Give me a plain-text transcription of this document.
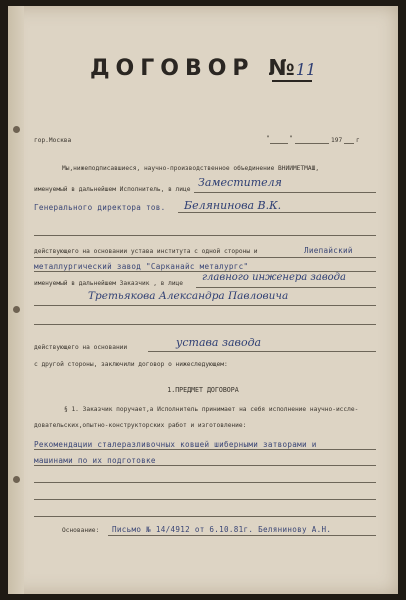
ДОГОВОР №11
гор.Москва	"	"	197 г
Мы,нижеподписавшиеся, научно-производственное объединение ВНИИМЕТМАШ,
именуемый в дальнейшем Исполнитель, в лице
Заместителя
Генерального директора тов. Белянинова В.К.
действующего на основании устава института с одной стороны и	Лиепайский
металлургический завод "Сарканайс металургс"
именуемый в дальнейшем Заказчик , в лице
главного инженера завода
Третьякова Александра Павловича
действующего на основании	устава завода
с другой стороны, заключили договор о нижеследующем:
1.ПРЕДМЕТ ДОГОВОРА
§ 1. Заказчик поручает,а Исполнитель принимает на себя исполнение научно-иссле-
довательских,опытно-конструкторских работ и изготовление:
Рекомендации сталеразливочных ковшей шиберными затворами и
машинами по их подготовке
Основание: Письмо № 14/4912 от 6.10.81г. Белянинову А.Н.
